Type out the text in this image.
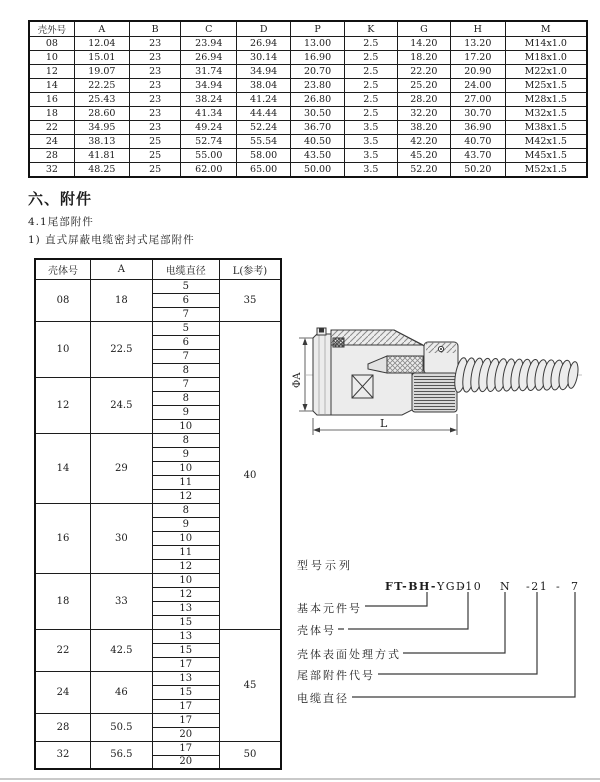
壳外号	A	B	C	D	P	K	G	H	M
08	12.04	23	23.94	26.94	13.00	2.5	14.20	13.20	M14x1.0
10	15.01	23	26.94	30.14	16.90	2.5	18.20	17.20	M18x1.0
12	19.07	23	31.74	34.94	20.70	2.5	22.20	20.90	M22x1.0
14	22.25	23	34.94	38.04	23.80	2.5	25.20	24.00	M25x1.5
16	25.43	23	38.24	41.24	26.80	2.5	28.20	27.00	M28x1.5
18	28.60	23	41.34	44.44	30.50	2.5	32.20	30.70	M32x1.5
22	34.95	23	49.24	52.24	36.70	3.5	38.20	36.90	M38x1.5
24	38.13	25	52.74	55.54	40.50	3.5	42.20	40.70	M42x1.5
28	41.81	25	55.00	58.00	43.50	3.5	45.20	43.70	M45x1.5
32	48.25	25	62.00	65.00	50.00	3.5	52.20	50.20	M52x1.5
六、附件
4.1尾部附件
1) 直式屏蔽电缆密封式尾部附件
壳体号	A	电缆直径	L(参考)
08	18	5	35
		6	
		7	
10	22.5	5	40
		6	
		7	
		8	
12	24.5	7	
		8	
		9	
		10	
14	29	8	
		9	
		10	
		11	
		12	
16	30	8	
		9	
		10	
		11	
		12	
18	33	10	
		12	
		13	
		15	
22	42.5	13	45
		15	
		17	
24	46	13	
		15	
		17	
28	50.5	17	
		20	
32	56.5	17	50
		20	
ΦA
L
型号示列
FT-BH-YGD
-10 N -21 - 7
基本元件号
壳体号
壳体表面处理方式
尾部附件代号
电缆直径
